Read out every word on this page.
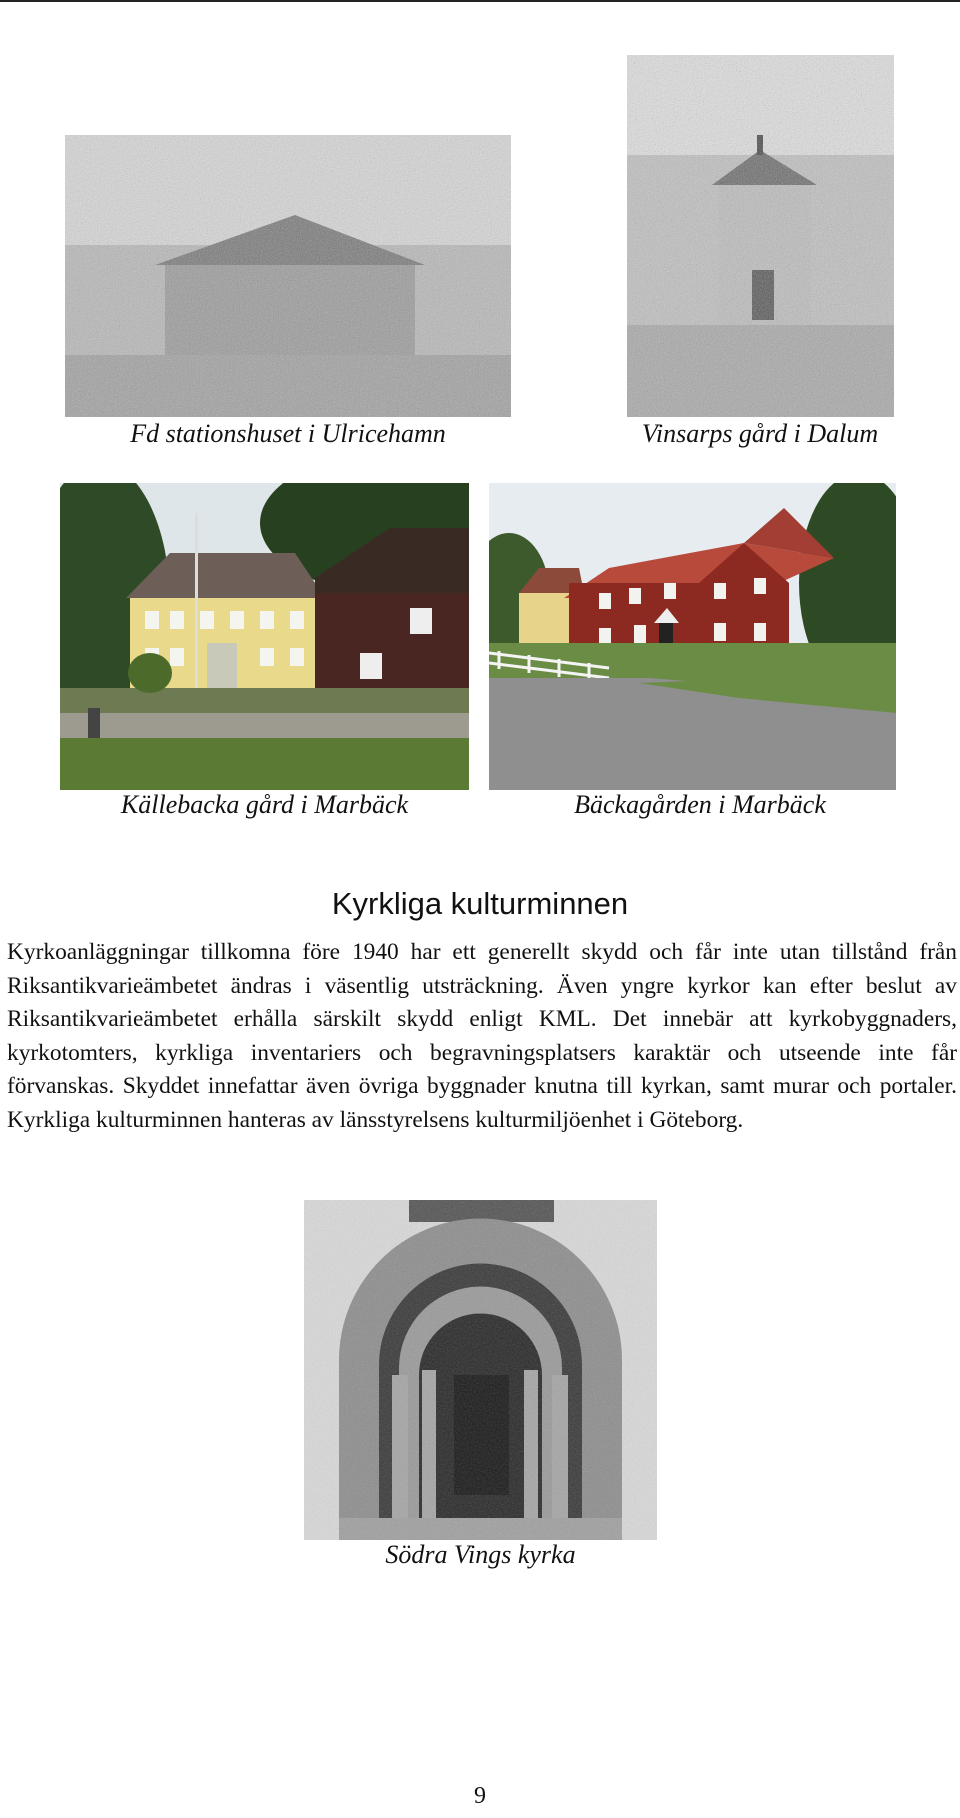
Fd stationshuset i Ulricehamn	Vinsarps gård i Dalum
Källebacka gård i Marbäck	Bäckagården i Marbäck
Kyrkliga kulturminnen
Kyrkoanläggningar tillkomna före 1940 har ett generellt skydd och får inte utan tillstånd från Riksantikvarieämbetet ändras i väsentlig utsträckning. Även yngre kyrkor kan efter beslut av Riksantikvarieämbetet erhålla särskilt skydd enligt KML. Det innebär att kyrkobyggnaders, kyrkotomters, kyrkliga inventariers och begravningsplatsers karaktär och utseende inte får förvanskas. Skyddet innefattar även övriga byggnader knutna till kyrkan, samt murar och portaler. Kyrkliga kulturminnen hanteras av länsstyrelsens kulturmiljöenhet i Göteborg.
Södra Vings kyrka
9
